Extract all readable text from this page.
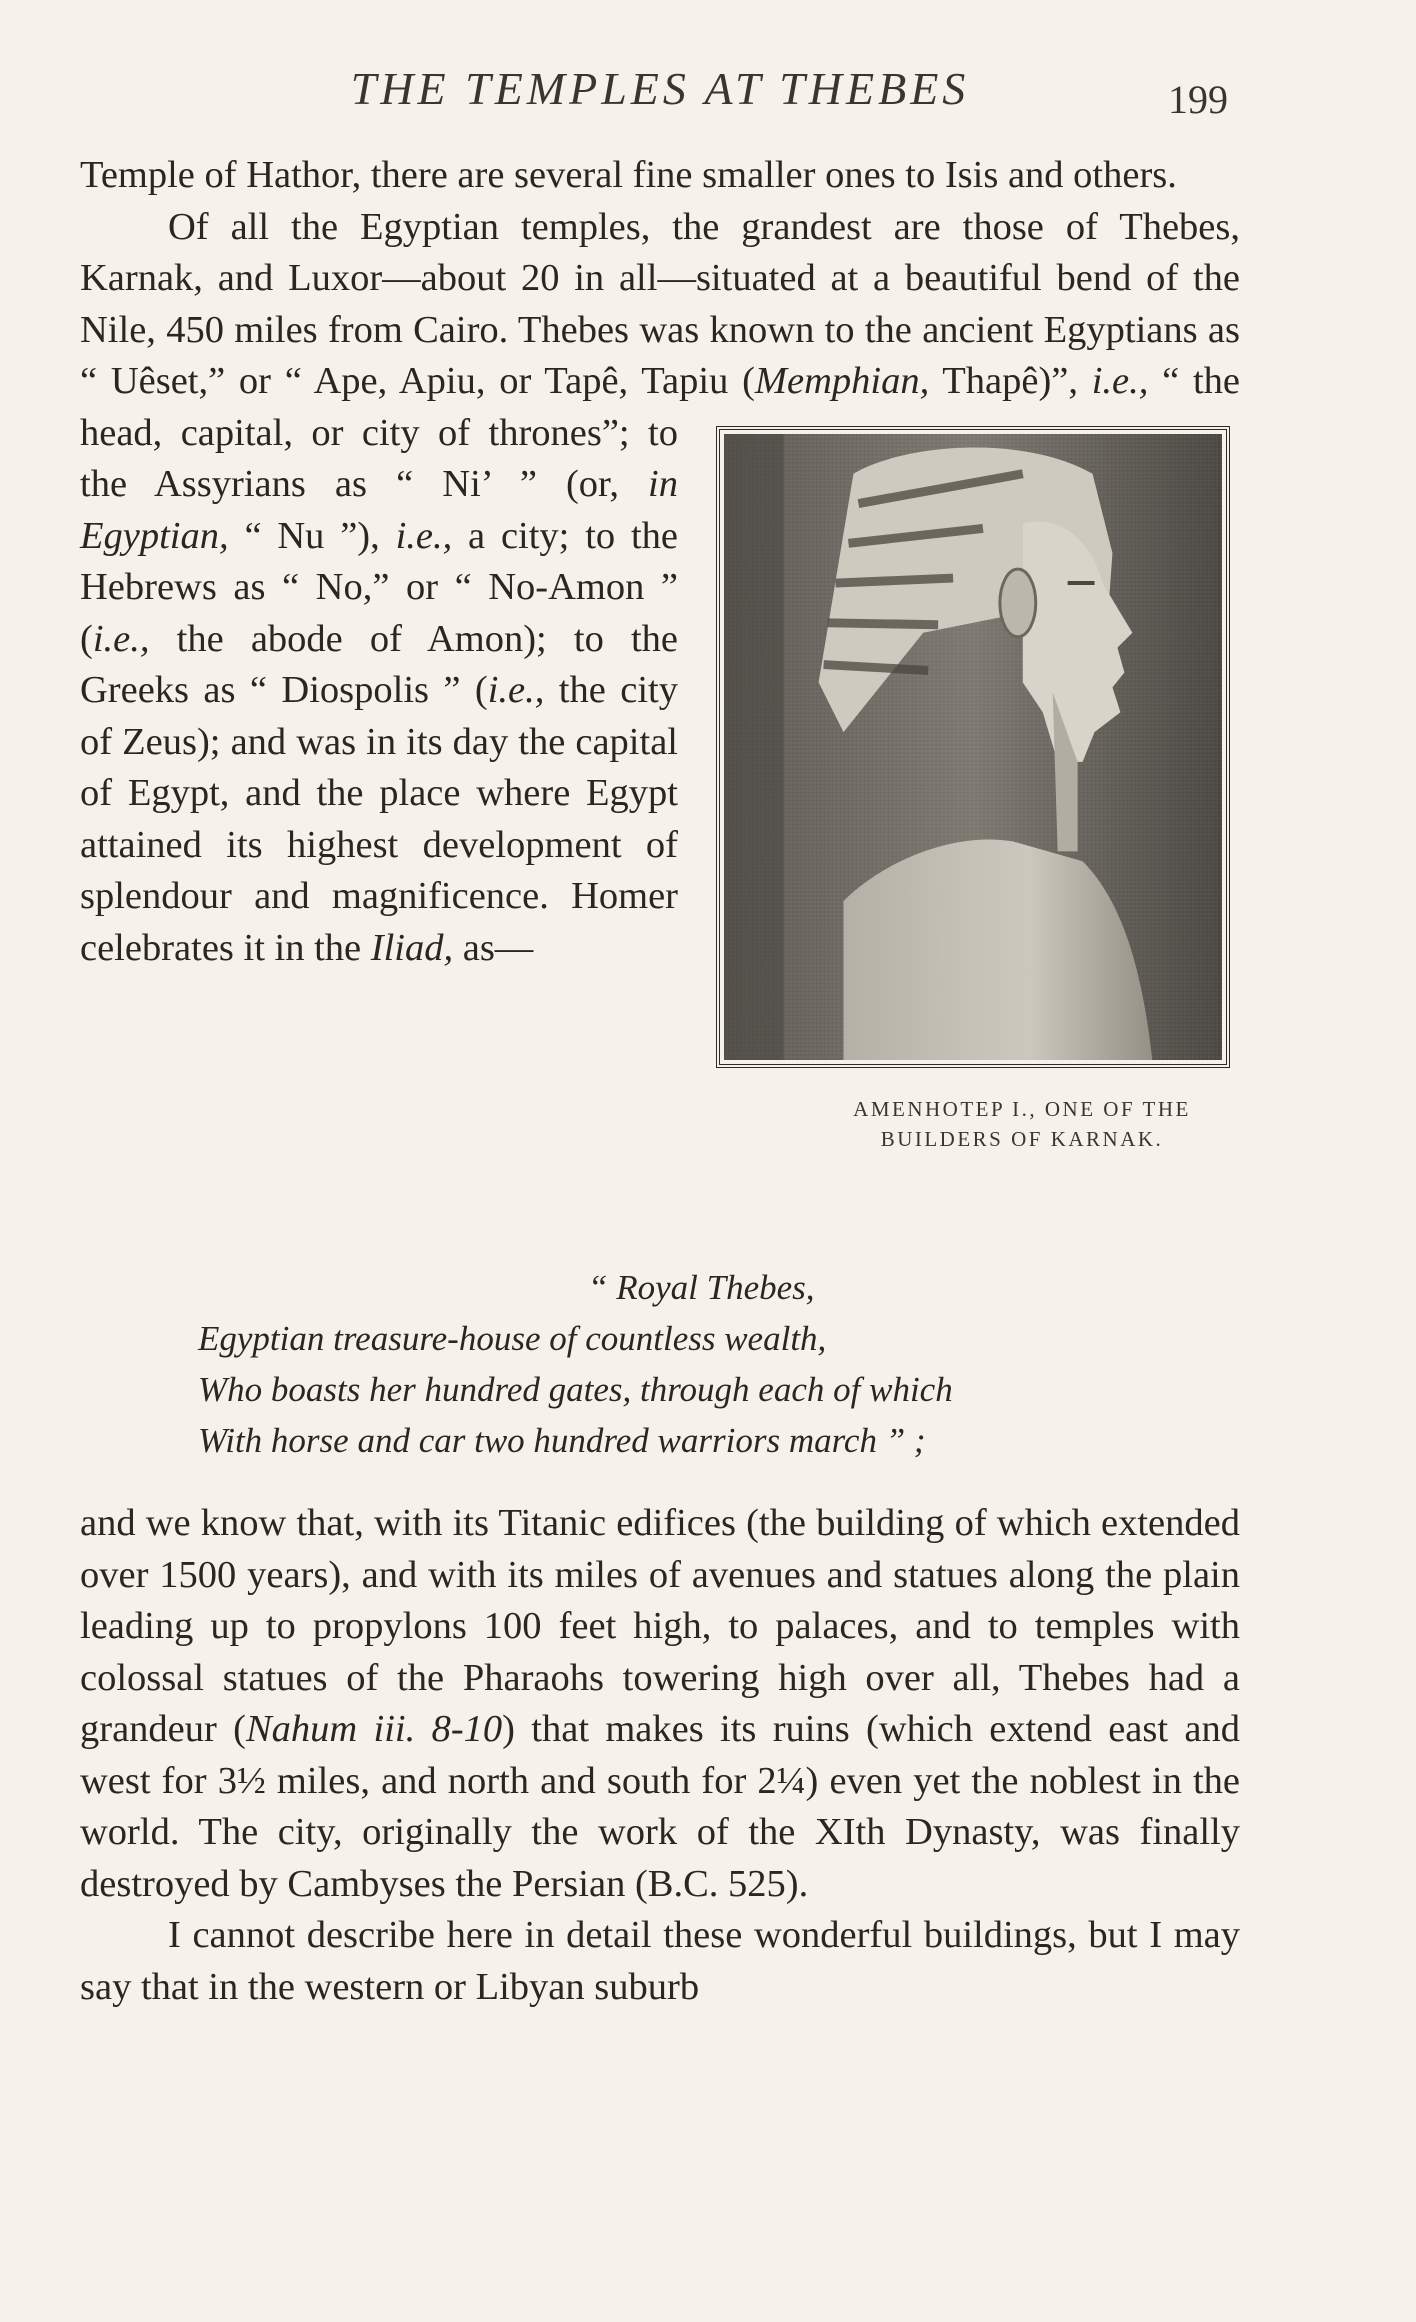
THE TEMPLES AT THEBES	199

Temple of Hathor, there are several fine smaller ones to Isis and others.

Of all the Egyptian temples, the grandest are those of Thebes, Karnak, and Luxor—about 20 in all—situated at a beautiful bend of the Nile, 450 miles from Cairo. Thebes was known to the ancient Egyptians as “ Uêset,” or “ Ape, Apiu, or Tapê, Tapiu (
AMENHOTEP I., ONE OF THE
BUILDERS OF KARNAK.
Memphian, Thapê)”, i.e., “ the head, capital, or city of thrones”; to the Assyrians as “ Ni’ ” (or, in Egyptian, “ Nu ”), i.e., a city; to the Hebrews as “ No,” or “ No-Amon ” (i.e., the abode of Amon); to the Greeks as “ Diospolis ” (i.e., the city of Zeus); and was in its day the capital of Egypt, and the place where Egypt attained its highest development of splendour and magnificence. Homer celebrates it in the Iliad, as—

“ Royal Thebes,
Egyptian treasure-house of countless wealth,
Who boasts her hundred gates, through each of which
With horse and car two hundred warriors march ” ;

and we know that, with its Titanic edifices (the building of which extended over 1500 years), and with its miles of avenues and statues along the plain leading up to propylons 100 feet high, to palaces, and to temples with colossal statues of the Pharaohs towering high over all, Thebes had a grandeur (Nahum iii. 8-10) that makes its ruins (which extend east and west for 3½ miles, and north and south for 2¼) even yet the noblest in the world. The city, originally the work of the XIth Dynasty, was finally destroyed by Cambyses the Persian (B.C. 525).

I cannot describe here in detail these wonderful buildings, but I may say that in the western or Libyan suburb
